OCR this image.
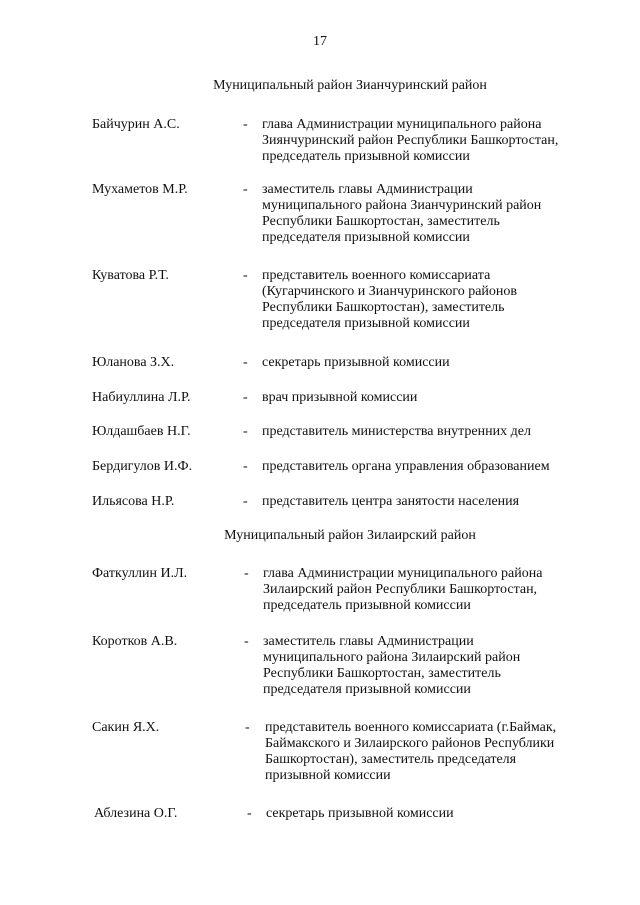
17
Муниципальный район Зианчуринский район
Байчурин А.С.	- глава Администрации муниципального района
Зиянчуринский район Республики Башкортостан,
председатель призывной комиссии
Мухаметов М.Р.	- заместитель главы Администрации
муниципального района Зианчуринский район
Республики Башкортостан, заместитель
председателя призывной комиссии
Куватова Р.Т.	- представитель военного комиссариата
(Кугарчинского и Зианчуринского районов
Республики Башкортостан), заместитель
председателя призывной комиссии
Юланова З.Х.	- секретарь призывной комиссии
Набиуллина Л.Р.	- врач призывной комиссии
Юлдашбаев Н.Г.	- представитель министерства внутренних дел
Бердигулов И.Ф.	- представитель органа управления образованием
Ильясова Н.Р.	- представитель центра занятости населения
Муниципальный район Зилаирский район
Фаткуллин И.Л.	- глава Администрации муниципального района
Зилаирский район Республики Башкортостан,
председатель призывной комиссии
Коротков А.В.	- заместитель главы Администрации
муниципального района Зилаирский район
Республики Башкортостан, заместитель
председателя призывной комиссии
Сакин Я.Х.	- представитель военного комиссариата (г.Баймак,
Баймакского и Зилаирского районов Республики
Башкортостан), заместитель председателя
призывной комиссии
Аблезина О.Г.	- секретарь призывной комиссии
